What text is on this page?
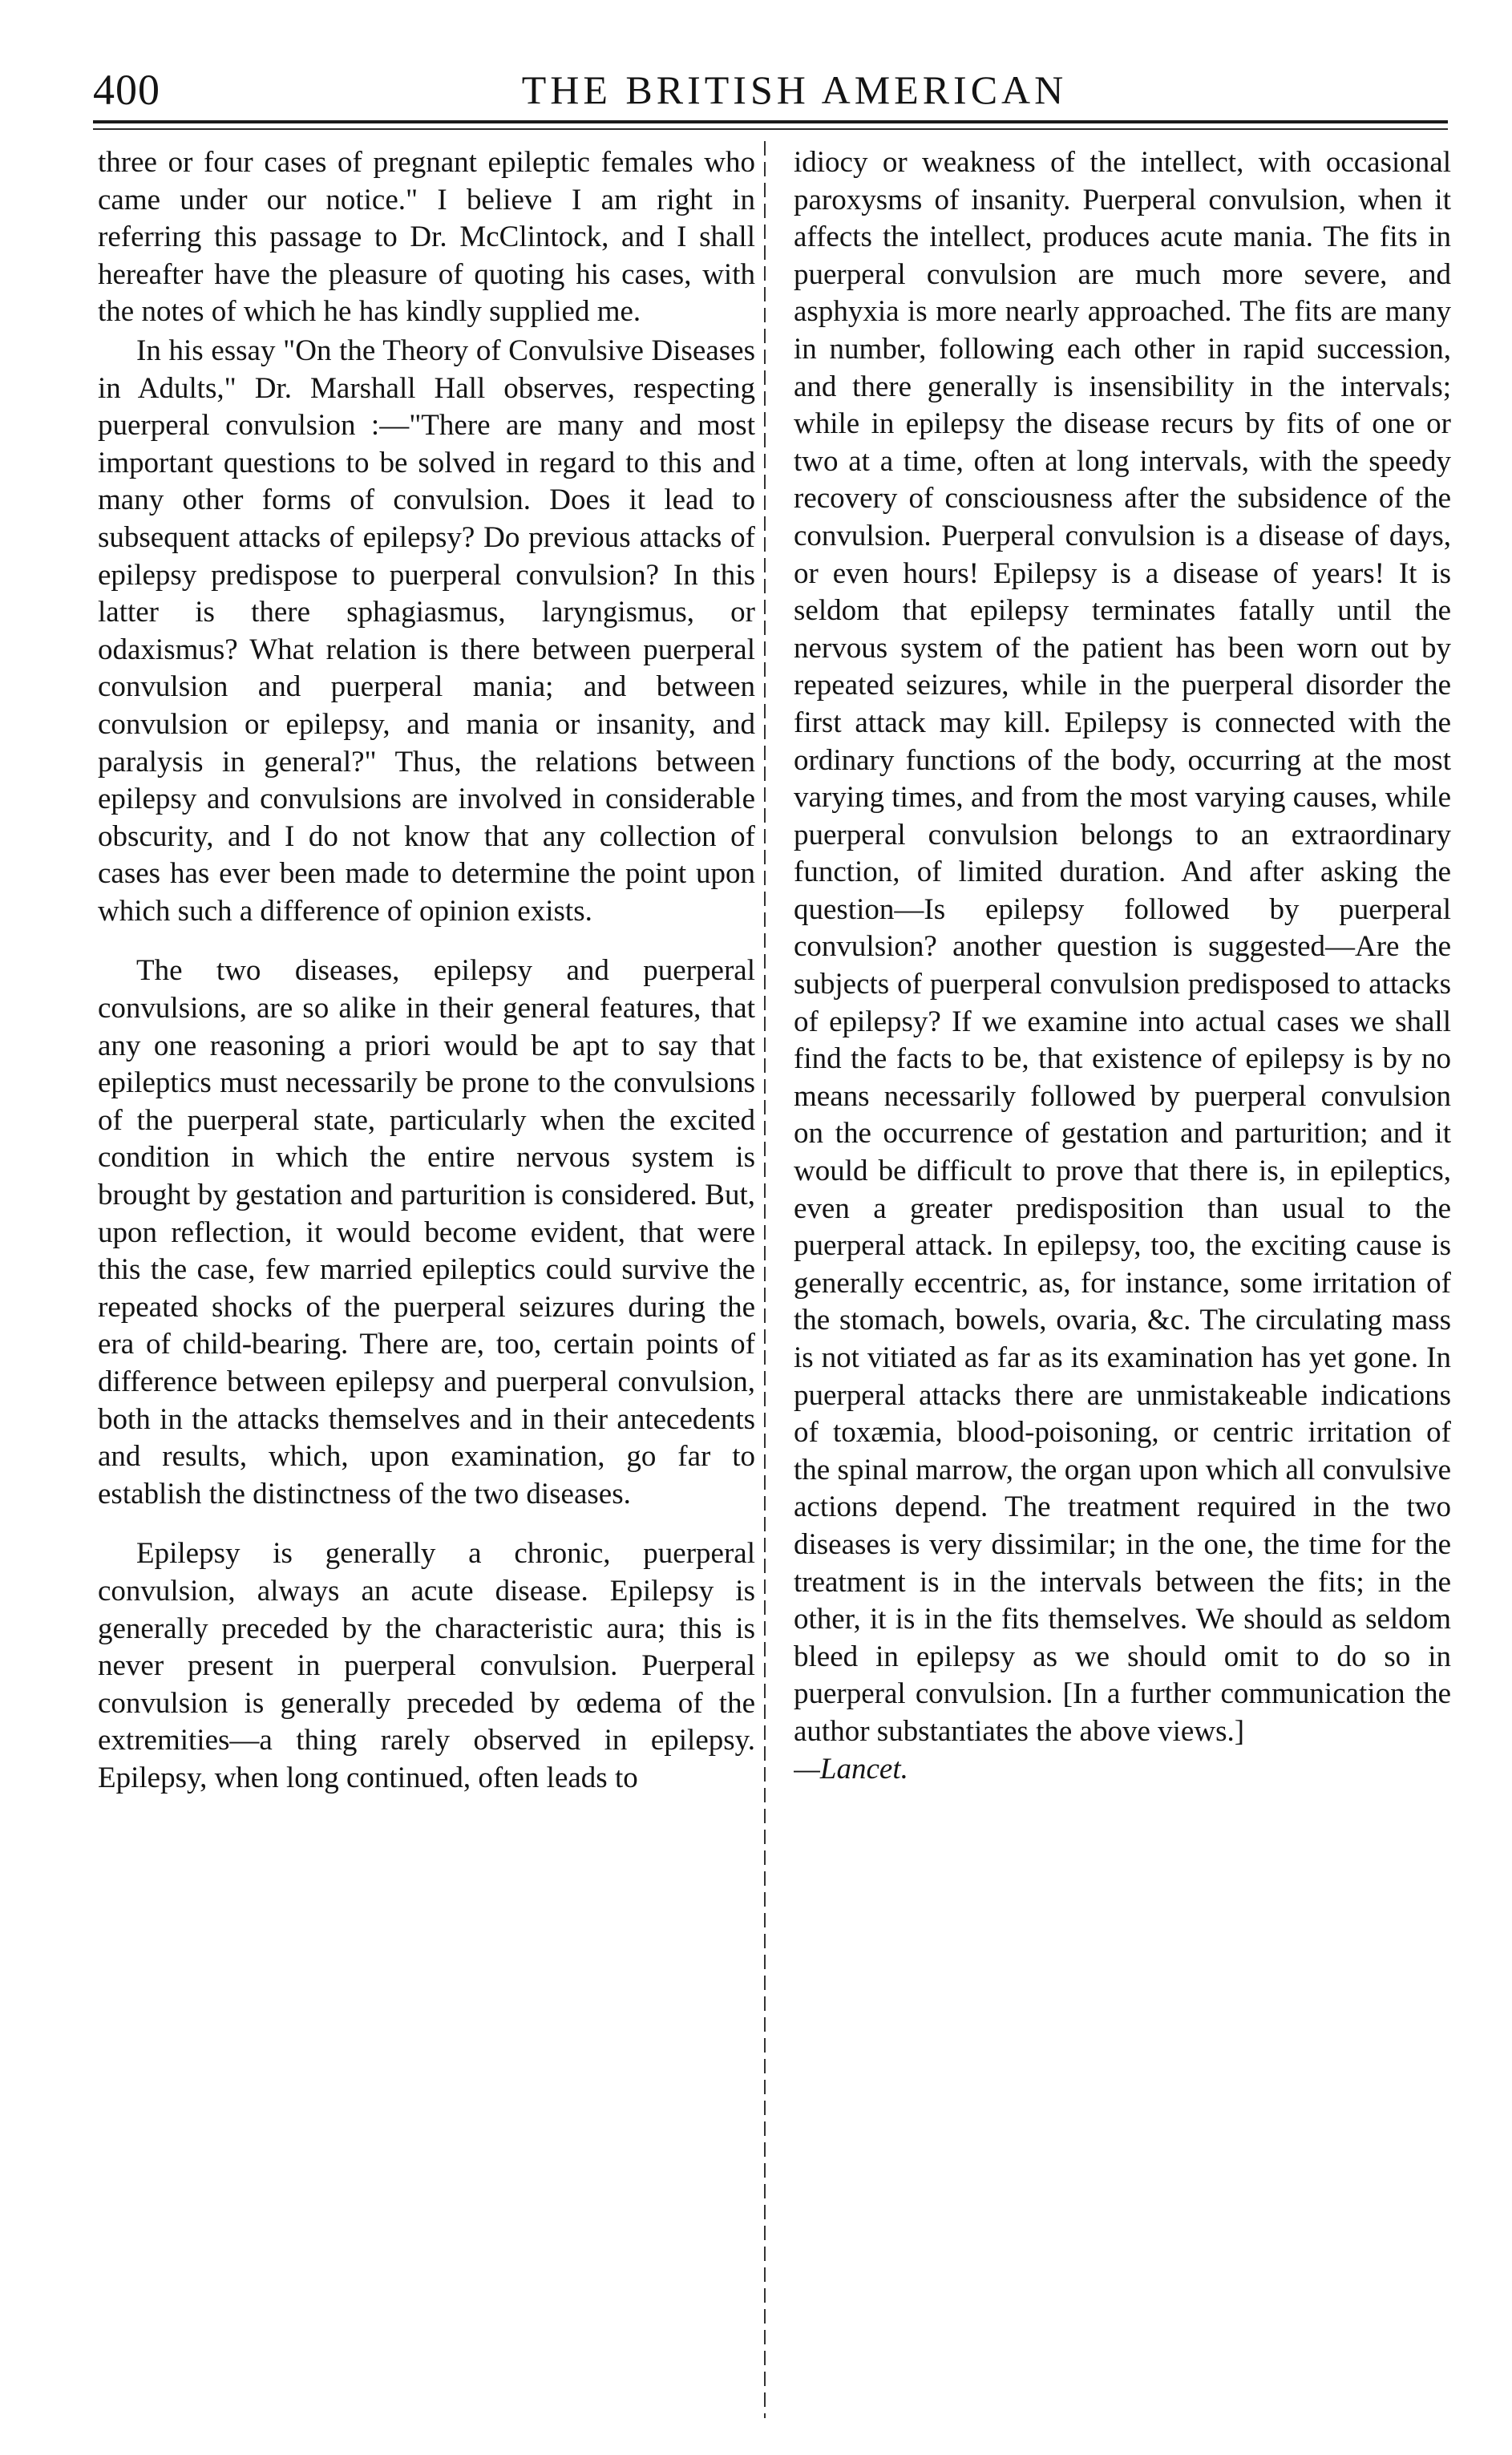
400	THE BRITISH AMERICAN

three or four cases of pregnant epileptic females who came under our notice." I believe I am right in referring this passage to Dr. McClintock, and I shall hereafter have the pleasure of quoting his cases, with the notes of which he has kindly supplied me.

In his essay "On the Theory of Convulsive Diseases in Adults," Dr. Marshall Hall observes, respecting puerperal convulsion :—"There are many and most important questions to be solved in regard to this and many other forms of convulsion. Does it lead to subsequent attacks of epilepsy? Do previous attacks of epilepsy predispose to puerperal convulsion? In this latter is there sphagiasmus, laryngismus, or odaxismus? What relation is there between puerperal convulsion and puerperal mania; and between convulsion or epilepsy, and mania or insanity, and paralysis in general?" Thus, the relations between epilepsy and convulsions are involved in considerable obscurity, and I do not know that any collection of cases has ever been made to determine the point upon which such a difference of opinion exists.

The two diseases, epilepsy and puerperal convulsions, are so alike in their general features, that any one reasoning a priori would be apt to say that epileptics must necessarily be prone to the convulsions of the puerperal state, particularly when the excited condition in which the entire nervous system is brought by gestation and parturition is considered. But, upon reflection, it would become evident, that were this the case, few married epileptics could survive the repeated shocks of the puerperal seizures during the era of child-bearing. There are, too, certain points of difference between epilepsy and puerperal convulsion, both in the attacks themselves and in their antecedents and results, which, upon examination, go far to establish the distinctness of the two diseases.

Epilepsy is generally a chronic, puerperal convulsion, always an acute disease. Epilepsy is generally preceded by the characteristic aura; this is never present in puerperal convulsion. Puerperal convulsion is generally preceded by œdema of the extremities—a thing rarely observed in epilepsy. Epilepsy, when long continued, often leads to

idiocy or weakness of the intellect, with occasional paroxysms of insanity. Puerperal convulsion, when it affects the intellect, produces acute mania. The fits in puerperal convulsion are much more severe, and asphyxia is more nearly approached. The fits are many in number, following each other in rapid succession, and there generally is insensibility in the intervals; while in epilepsy the disease recurs by fits of one or two at a time, often at long intervals, with the speedy recovery of consciousness after the subsidence of the convulsion. Puerperal convulsion is a disease of days, or even hours! Epilepsy is a disease of years! It is seldom that epilepsy terminates fatally until the nervous system of the patient has been worn out by repeated seizures, while in the puerperal disorder the first attack may kill. Epilepsy is connected with the ordinary functions of the body, occurring at the most varying times, and from the most varying causes, while puerperal convulsion belongs to an extraordinary function, of limited duration. And after asking the question—Is epilepsy followed by puerperal convulsion? another question is suggested—Are the subjects of puerperal convulsion predisposed to attacks of epilepsy? If we examine into actual cases we shall find the facts to be, that existence of epilepsy is by no means necessarily followed by puerperal convulsion on the occurrence of gestation and parturition; and it would be difficult to prove that there is, in epileptics, even a greater predisposition than usual to the puerperal attack. In epilepsy, too, the exciting cause is generally eccentric, as, for instance, some irritation of the stomach, bowels, ovaria, &c. The circulating mass is not vitiated as far as its examination has yet gone. In puerperal attacks there are unmistakeable indications of toxæmia, blood-poisoning, or centric irritation of the spinal marrow, the organ upon which all convulsive actions depend. The treatment required in the two diseases is very dissimilar; in the one, the time for the treatment is in the intervals between the fits; in the other, it is in the fits themselves. We should as seldom bleed in epilepsy as we should omit to do so in puerperal convulsion. [In a further communication the author substantiates the above views.]

—Lancet.
